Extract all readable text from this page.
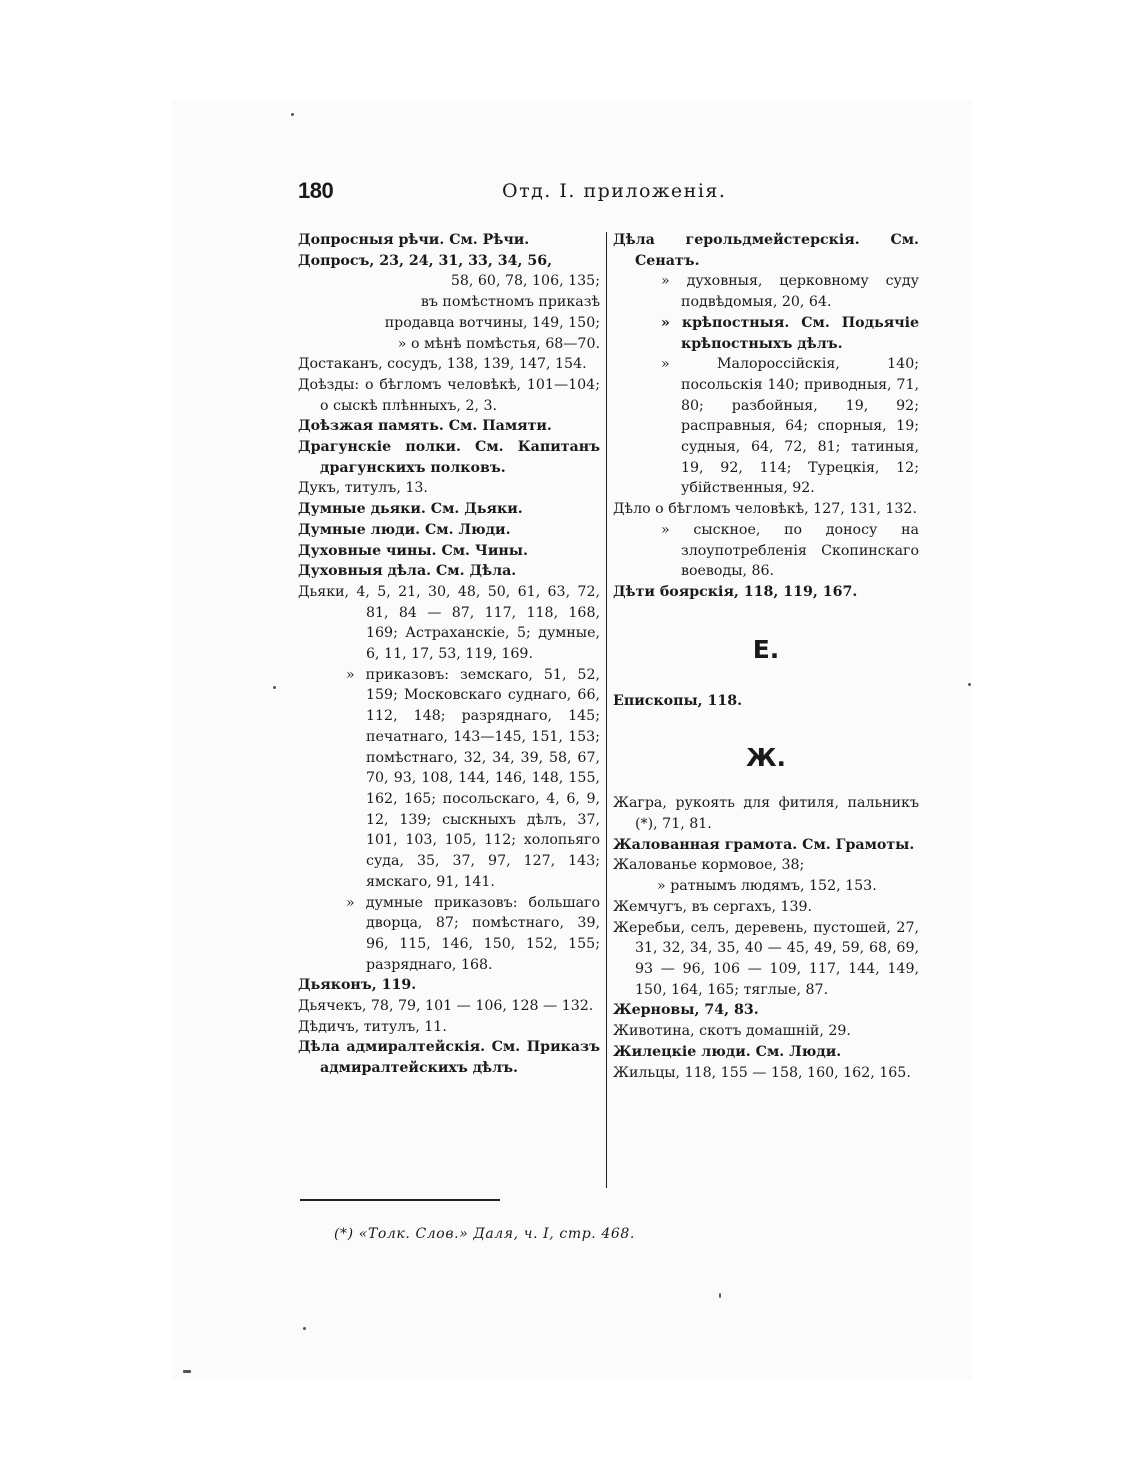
180	Отд. I. приложенія.
Допросныя рѣчи. См. Рѣчи.
Допросъ, 23, 24, 31, 33, 34, 56,
58, 60, 78, 106, 135;
въ помѣстномъ приказѣ
продавца вотчины, 149, 150;
» о мѣнѣ помѣстья, 68—70.
Достаканъ, сосудъ, 138, 139, 147, 154.
Доѣзды: о бѣгломъ человѣкѣ, 101—104; о сыскѣ плѣнныхъ, 2, 3.
Доѣзжая память. См. Памяти.
Драгунскіе полки. См. Капитанъ драгунскихъ полковъ.
Дукъ, титулъ, 13.
Думные дьяки. См. Дьяки.
Думные люди. См. Люди.
Духовные чины. См. Чины.
Духовныя дѣла. См. Дѣла.
Дьяки, 4, 5, 21, 30, 48, 50, 61, 63, 72, 81, 84 — 87, 117, 118, 168, 169; Астраханскіе, 5; думные, 6, 11, 17, 53, 119, 169.
» приказовъ: земскаго, 51, 52, 159; Московскаго суднаго, 66, 112, 148; разряднаго, 145; печатнаго, 143—145, 151, 153; помѣстнаго, 32, 34, 39, 58, 67, 70, 93, 108, 144, 146, 148, 155, 162, 165; посольскаго, 4, 6, 9, 12, 139; сыскныхъ дѣлъ, 37, 101, 103, 105, 112; холопьяго суда, 35, 37, 97, 127, 143; ямскаго, 91, 141.
» думные приказовъ: большаго дворца, 87; помѣстнаго, 39, 96, 115, 146, 150, 152, 155; разряднаго, 168.
Дьяконъ, 119.
Дьячекъ, 78, 79, 101 — 106, 128 — 132.
Дѣдичъ, титулъ, 11.
Дѣла адмиралтейскія. См. Приказъ адмиралтейскихъ дѣлъ.
Дѣла герольдмейстерскія. См. Сенатъ.
» духовныя, церковному суду подвѣдомыя, 20, 64.
» крѣпостныя. См. Подьячіе крѣпостныхъ дѣлъ.
» Малороссійскія, 140; посольскія 140; приводныя, 71, 80; разбойныя, 19, 92; расправныя, 64; спорныя, 19; судныя, 64, 72, 81; татиныя, 19, 92, 114; Турецкія, 12; убійственныя, 92.
Дѣло о бѣгломъ человѣкѣ, 127, 131, 132.
» сыскное, по доносу на злоупотребленія Скопинскаго воеводы, 86.
Дѣти боярскія, 118, 119, 167.
Е.
Епископы, 118.
Ж.
Жагра, рукоять для фитиля, пальникъ (*), 71, 81.
Жалованная грамота. См. Грамоты.
Жалованье кормовое, 38;
» ратнымъ людямъ, 152, 153.
Жемчугъ, въ сергахъ, 139.
Жеребьи, селъ, деревень, пустошей, 27, 31, 32, 34, 35, 40 — 45, 49, 59, 68, 69, 93 — 96, 106 — 109, 117, 144, 149, 150, 164, 165; тяглые, 87.
Жерновы, 74, 83.
Животина, скотъ домашній, 29.
Жилецкіе люди. См. Люди.
Жильцы, 118, 155 — 158, 160, 162, 165.
(*) «Толк. Слов.» Даля, ч. I, стр. 468.
